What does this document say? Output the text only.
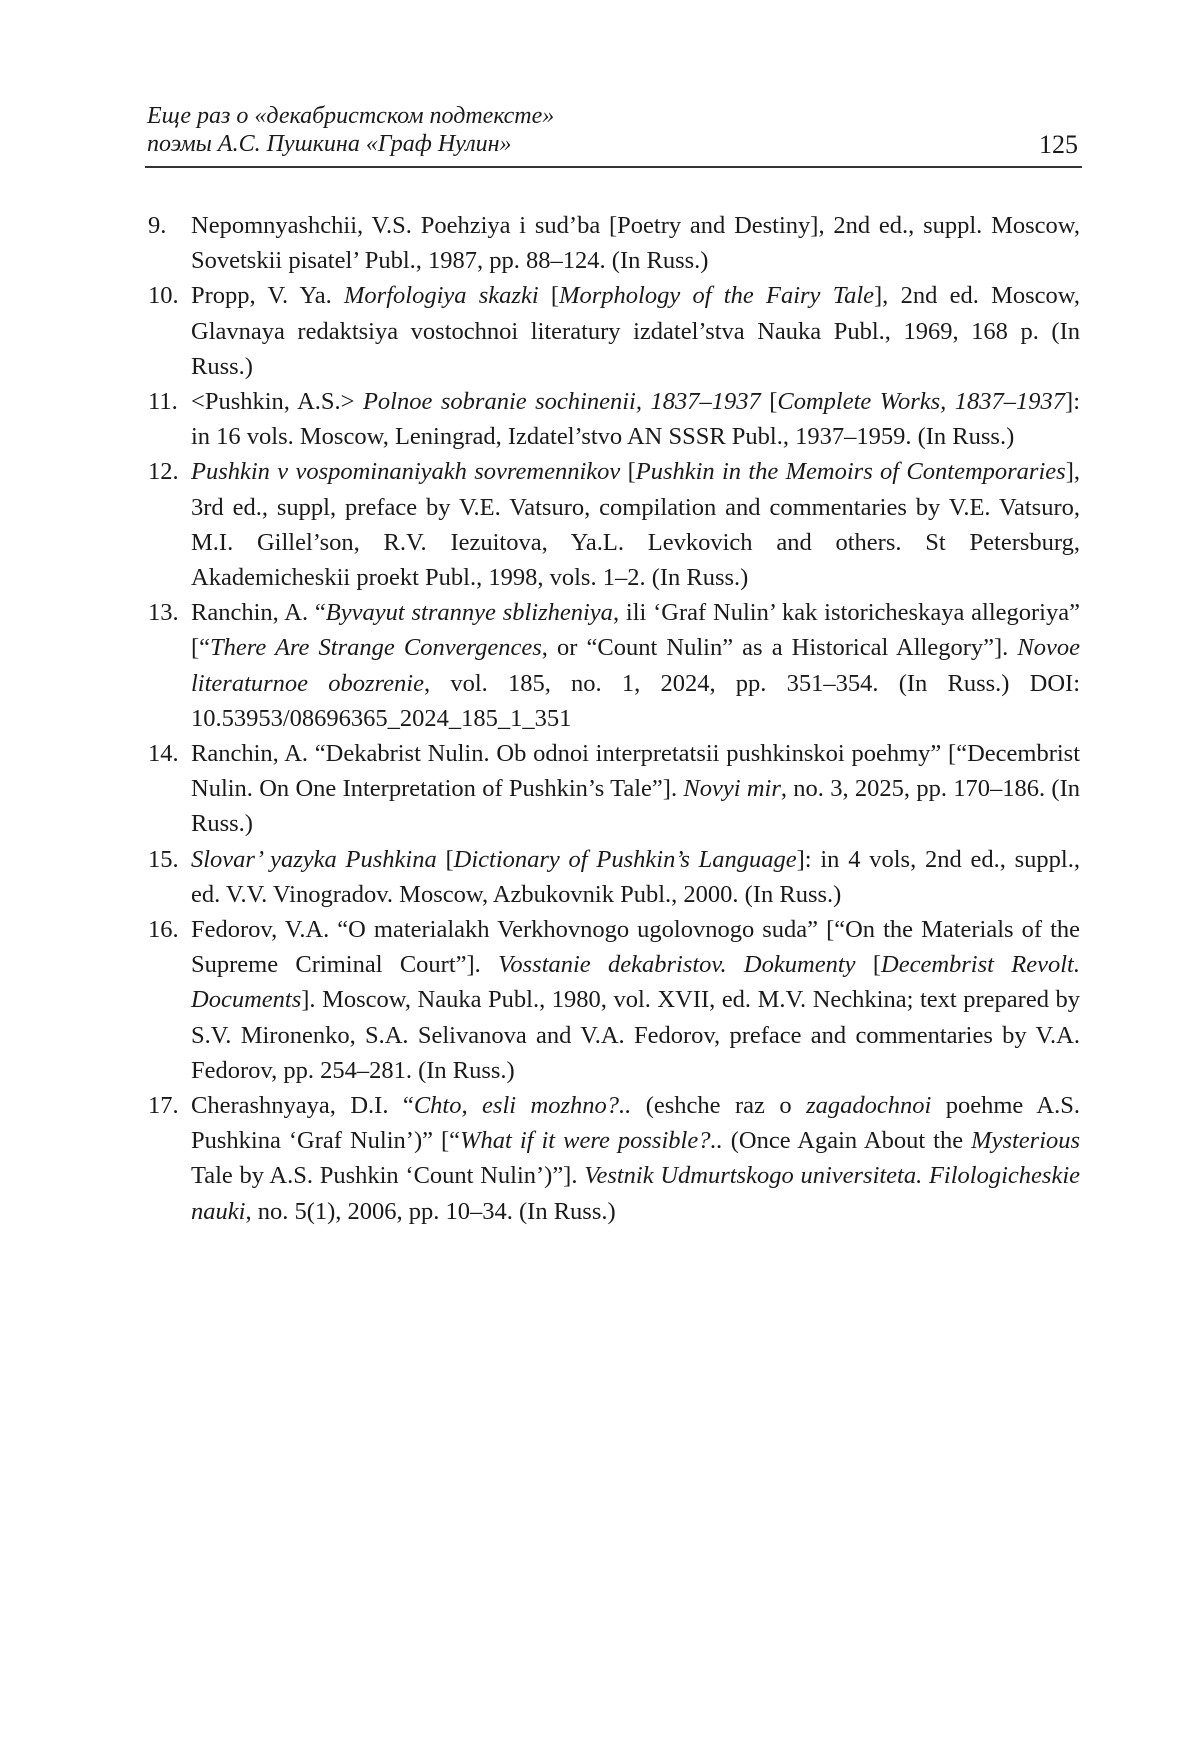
Еще раз о «декабристском подтексте»
поэмы А.С. Пушкина «Граф Нулин»	125
9. Nepomnyashchii, V.S. Poehziya i sud’ba [Poetry and Destiny], 2nd ed., suppl. Moscow, Sovetskii pisatel’ Publ., 1987, pp. 88–124. (In Russ.)
10. Propp, V. Ya. Morfologiya skazki [Morphology of the Fairy Tale], 2nd ed. Moscow, Glavnaya redaktsiya vostochnoi literatury izdatel’stva Nauka Publ., 1969, 168 p. (In Russ.)
11. <Pushkin, A.S.> Polnoe sobranie sochinenii, 1837–1937 [Complete Works, 1837–1937]: in 16 vols. Moscow, Leningrad, Izdatel’stvo AN SSSR Publ., 1937–1959. (In Russ.)
12. Pushkin v vospominaniyakh sovremennikov [Pushkin in the Memoirs of Contemporaries], 3rd ed., suppl, preface by V.E. Vatsuro, compilation and commentaries by V.E. Vatsuro, M.I. Gillel’son, R.V. Iezuitova, Ya.L. Levkovich and others. St Petersburg, Akademicheskii proekt Publ., 1998, vols. 1–2. (In Russ.)
13. Ranchin, A. “Byvayut strannye sblizheniya, ili ‘Graf Nulin’ kak istoricheskaya allegoriya” [“There Are Strange Convergences, or “Count Nulin” as a Historical Allegory”]. Novoe literaturnoe obozrenie, vol. 185, no. 1, 2024, pp. 351–354. (In Russ.) DOI: 10.53953/08696365_2024_185_1_351
14. Ranchin, A. “Dekabrist Nulin. Ob odnoi interpretatsii pushkinskoi poehmy” [“Decembrist Nulin. On One Interpretation of Pushkin’s Tale”]. Novyi mir, no. 3, 2025, pp. 170–186. (In Russ.)
15. Slovar’ yazyka Pushkina [Dictionary of Pushkin’s Language]: in 4 vols, 2nd ed., suppl., ed. V.V. Vinogradov. Moscow, Azbukovnik Publ., 2000. (In Russ.)
16. Fedorov, V.A. “O materialakh Verkhovnogo ugolovnogo suda” [“On the Materials of the Supreme Criminal Court”]. Vosstanie dekabristov. Dokumenty [Decembrist Revolt. Documents]. Moscow, Nauka Publ., 1980, vol. XVII, ed. M.V. Nechkina; text prepared by S.V. Mironenko, S.A. Selivanova and V.A. Fedorov, preface and commentaries by V.A. Fedorov, pp. 254–281. (In Russ.)
17. Cherashnyaya, D.I. “Chto, esli mozhno?.. (eshche raz o zagadochnoi poehme A.S. Pushkina ‘Graf Nulin’)” [“What if it were possible?.. (Once Again About the Mysterious Tale by A.S. Pushkin ‘Count Nulin’)”]. Vestnik Udmurtskogo universiteta. Filologicheskie nauki, no. 5(1), 2006, pp. 10–34. (In Russ.)
